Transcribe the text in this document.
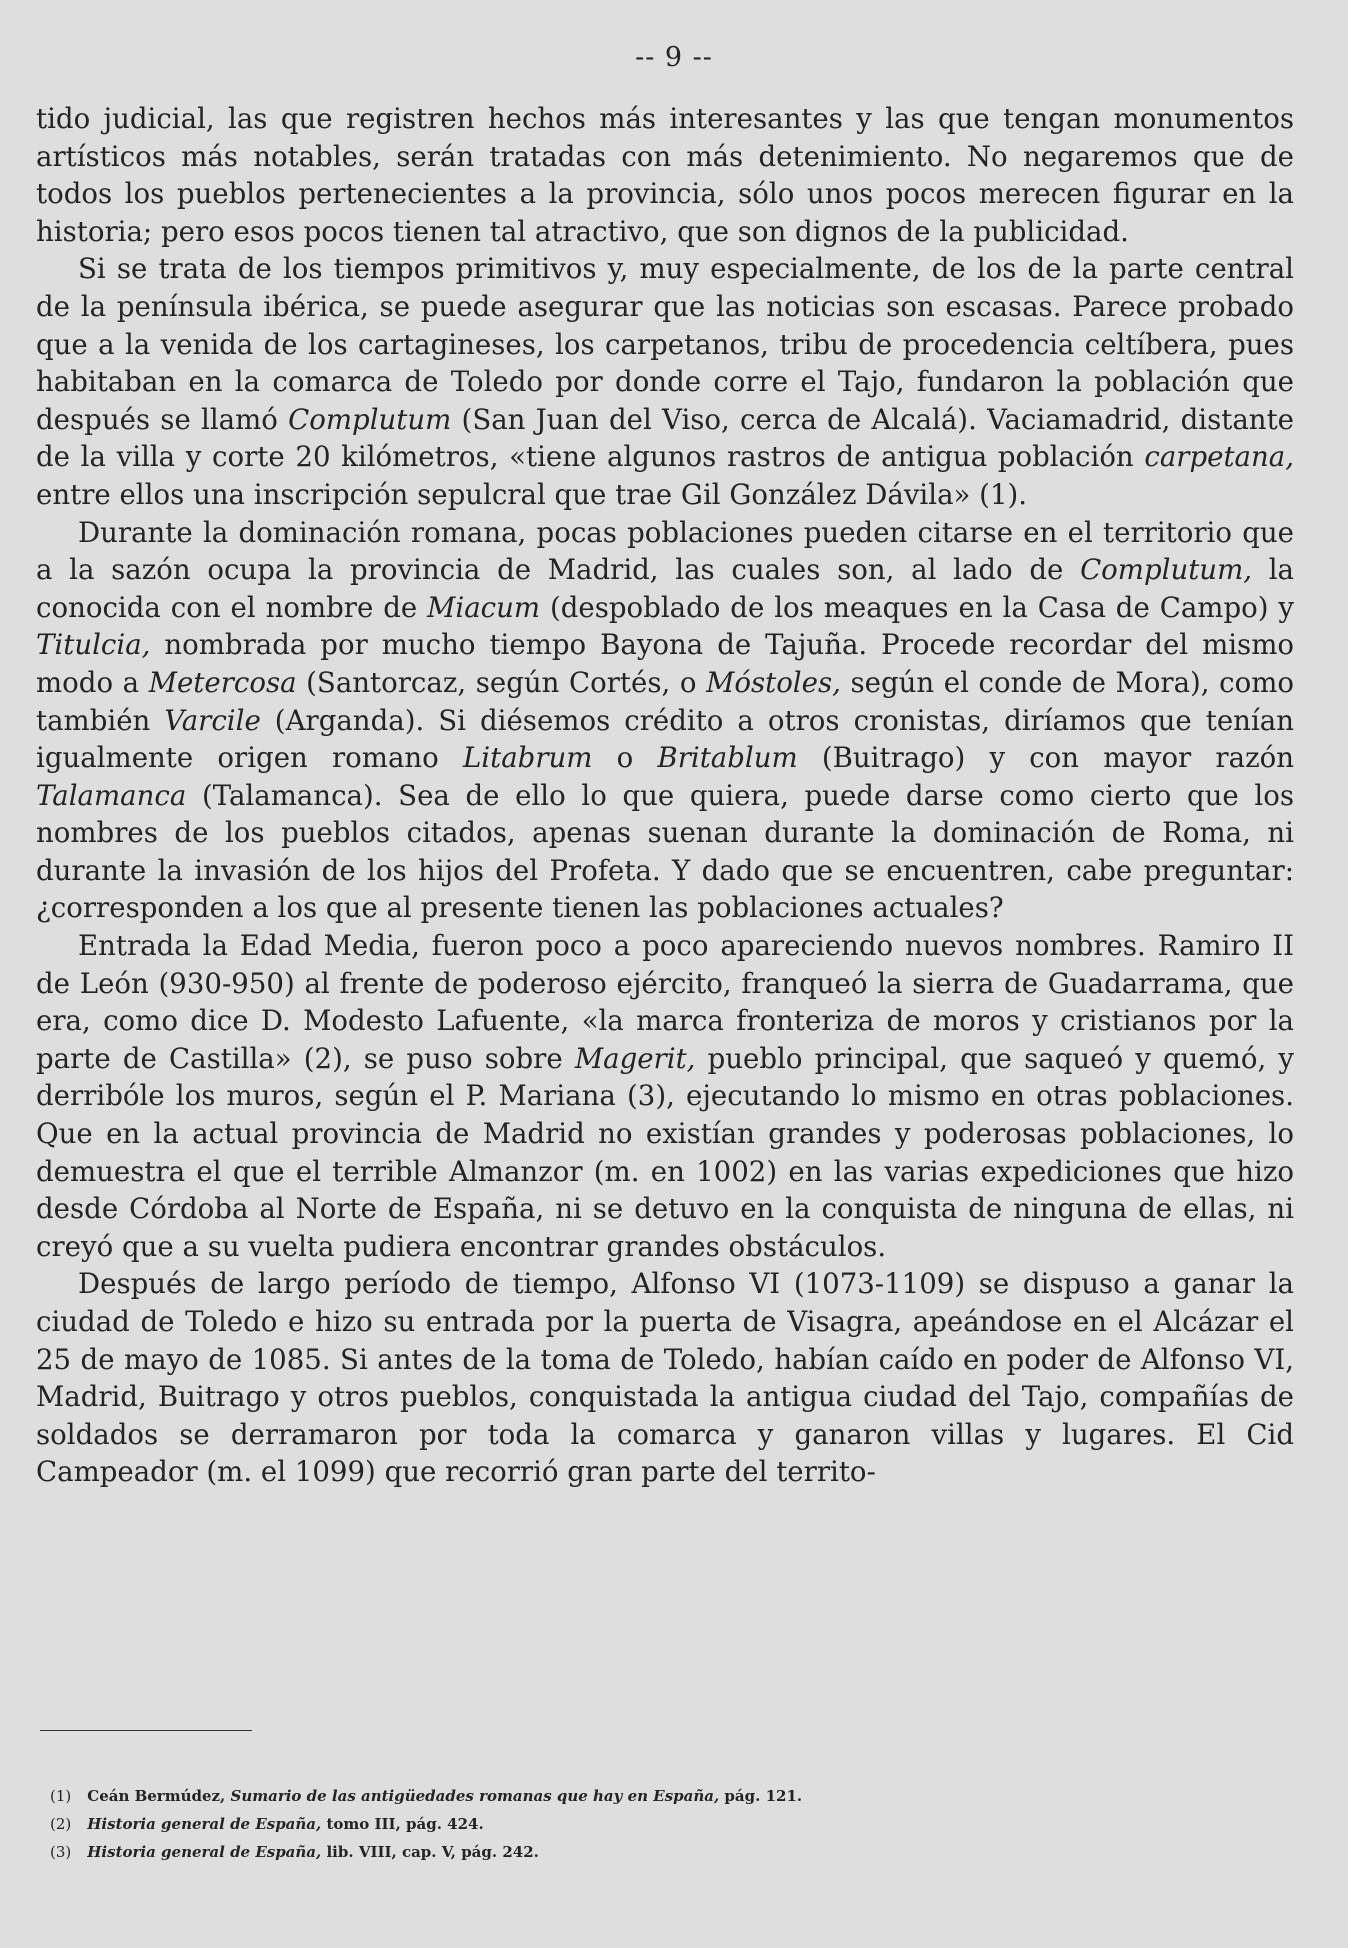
-- 9 --

tido judicial, las que registren hechos más interesantes y las que tengan monumentos artísticos más notables, serán tratadas con más detenimiento. No negaremos que de todos los pueblos pertenecientes a la provincia, sólo unos pocos merecen figurar en la historia; pero esos pocos tienen tal atractivo, que son dignos de la publicidad.

Si se trata de los tiempos primitivos y, muy especialmente, de los de la parte central de la península ibérica, se puede asegurar que las noticias son escasas. Parece probado que a la venida de los cartagineses, los carpetanos, tribu de procedencia celtíbera, pues habitaban en la comarca de Toledo por donde corre el Tajo, fundaron la población que después se llamó Complutum (San Juan del Viso, cerca de Alcalá). Vaciamadrid, distante de la villa y corte 20 kilómetros, «tiene algunos rastros de antigua población carpetana, entre ellos una inscripción sepulcral que trae Gil González Dávila» (1).

Durante la dominación romana, pocas poblaciones pueden citarse en el territorio que a la sazón ocupa la provincia de Madrid, las cuales son, al lado de Complutum, la conocida con el nombre de Miacum (despoblado de los meaques en la Casa de Campo) y Titulcia, nombrada por mucho tiempo Bayona de Tajuña. Procede recordar del mismo modo a Metercosa (Santorcaz, según Cortés, o Móstoles, según el conde de Mora), como también Varcile (Arganda). Si diésemos crédito a otros cronistas, diríamos que tenían igualmente origen romano Litabrum o Britablum (Buitrago) y con mayor razón Talamanca (Talamanca). Sea de ello lo que quiera, puede darse como cierto que los nombres de los pueblos citados, apenas suenan durante la dominación de Roma, ni durante la invasión de los hijos del Profeta. Y dado que se encuentren, cabe preguntar: ¿corresponden a los que al presente tienen las poblaciones actuales?

Entrada la Edad Media, fueron poco a poco apareciendo nuevos nombres. Ramiro II de León (930-950) al frente de poderoso ejército, franqueó la sierra de Guadarrama, que era, como dice D. Modesto Lafuente, «la marca fronteriza de moros y cristianos por la parte de Castilla» (2), se puso sobre Magerit, pueblo principal, que saqueó y quemó, y derribóle los muros, según el P. Mariana (3), ejecutando lo mismo en otras poblaciones. Que en la actual provincia de Madrid no existían grandes y poderosas poblaciones, lo demuestra el que el terrible Almanzor (m. en 1002) en las varias expediciones que hizo desde Córdoba al Norte de España, ni se detuvo en la conquista de ninguna de ellas, ni creyó que a su vuelta pudiera encontrar grandes obstáculos.

Después de largo período de tiempo, Alfonso VI (1073-1109) se dispuso a ganar la ciudad de Toledo e hizo su entrada por la puerta de Visagra, apeándose en el Alcázar el 25 de mayo de 1085. Si antes de la toma de Toledo, habían caído en poder de Alfonso VI, Madrid, Buitrago y otros pueblos, conquistada la antigua ciudad del Tajo, compañías de soldados se derramaron por toda la comarca y ganaron villas y lugares. El Cid Campeador (m. el 1099) que recorrió gran parte del territo-

(1) Ceán Bermúdez, Sumario de las antigüedades romanas que hay en España, pág. 121.
(2) Historia general de España, tomo III, pág. 424.
(3) Historia general de España, lib. VIII, cap. V, pág. 242.
